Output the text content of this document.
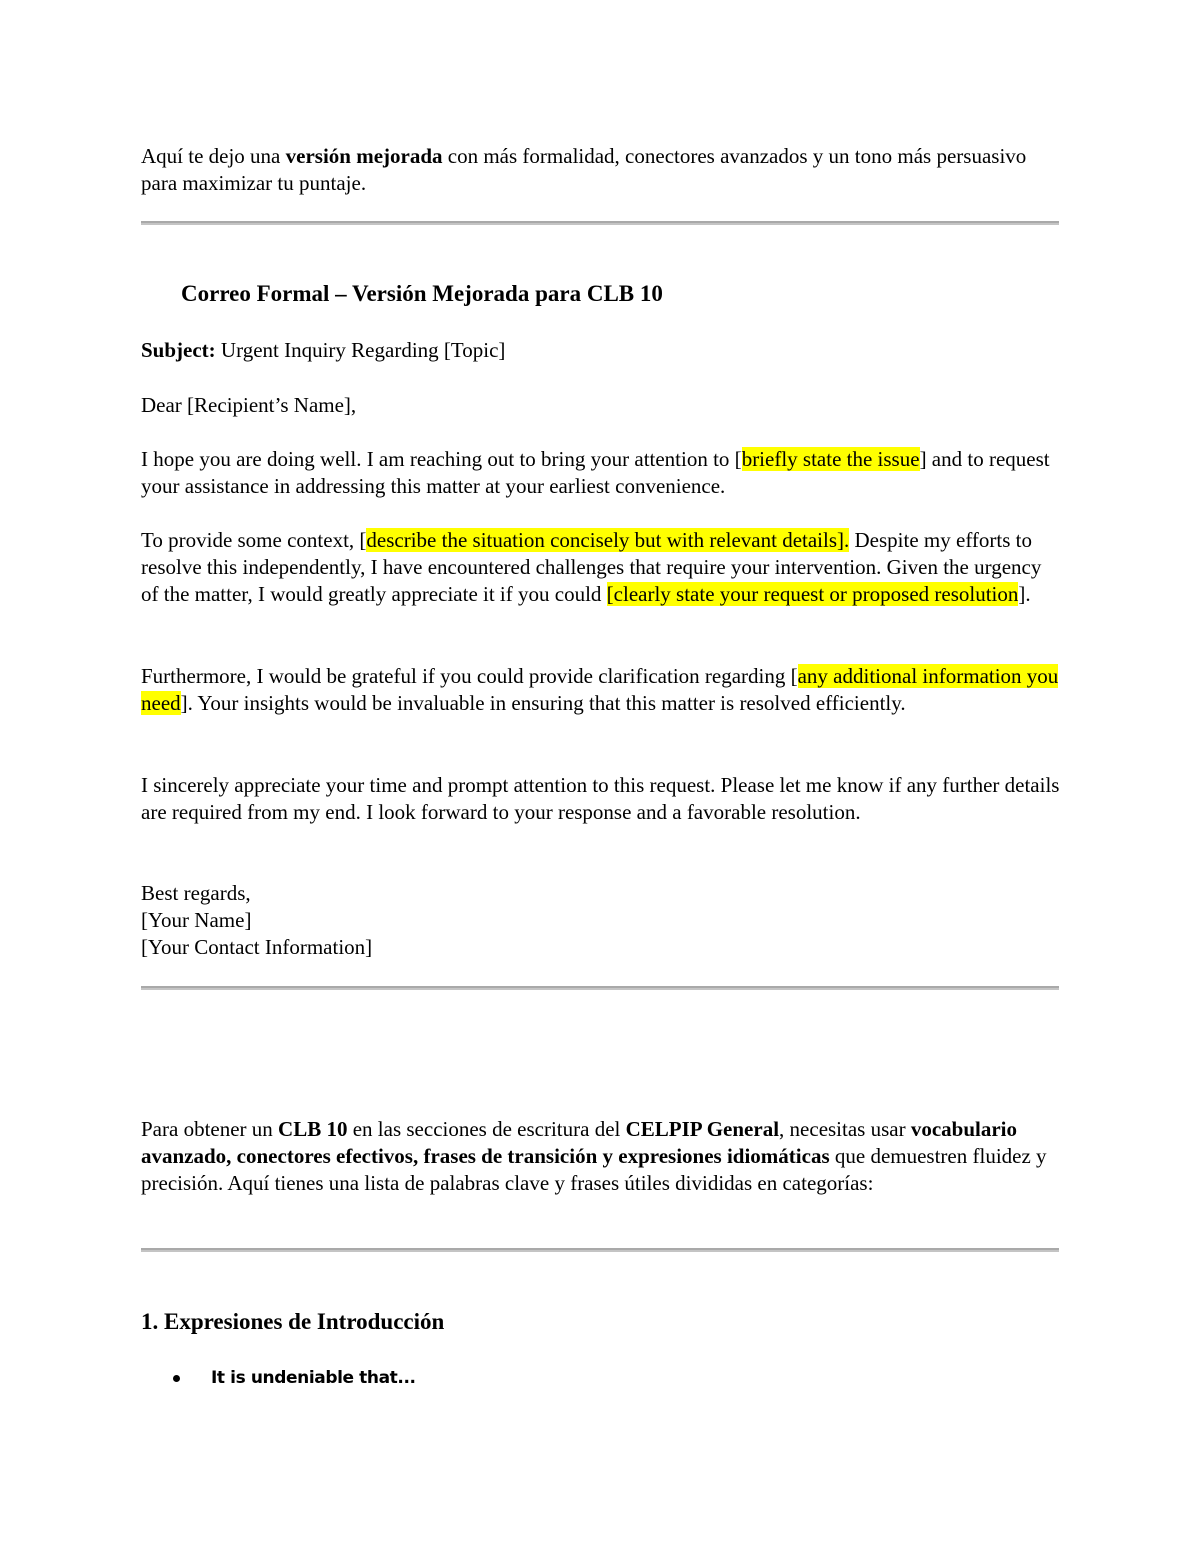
Aquí te dejo una versión mejorada con más formalidad, conectores avanzados y un tono más persuasivo para maximizar tu puntaje.

Correo Formal – Versión Mejorada para CLB 10

Subject: Urgent Inquiry Regarding [Topic]

Dear [Recipient’s Name],

I hope you are doing well. I am reaching out to bring your attention to [briefly state the issue] and to request your assistance in addressing this matter at your earliest convenience.

To provide some context, [describe the situation concisely but with relevant details]. Despite my efforts to resolve this independently, I have encountered challenges that require your intervention. Given the urgency of the matter, I would greatly appreciate it if you could [clearly state your request or proposed resolution].

Furthermore, I would be grateful if you could provide clarification regarding [any additional information you need]. Your insights would be invaluable in ensuring that this matter is resolved efficiently.

I sincerely appreciate your time and prompt attention to this request. Please let me know if any further details are required from my end. I look forward to your response and a favorable resolution.

Best regards,

[Your Name]

[Your Contact Information]

Para obtener un CLB 10 en las secciones de escritura del CELPIP General, necesitas usar vocabulario avanzado, conectores efectivos, frases de transición y expresiones idiomáticas que demuestren fluidez y precisión. Aquí tienes una lista de palabras clave y frases útiles divididas en categorías:

1. Expresiones de Introducción
It is undeniable that...
